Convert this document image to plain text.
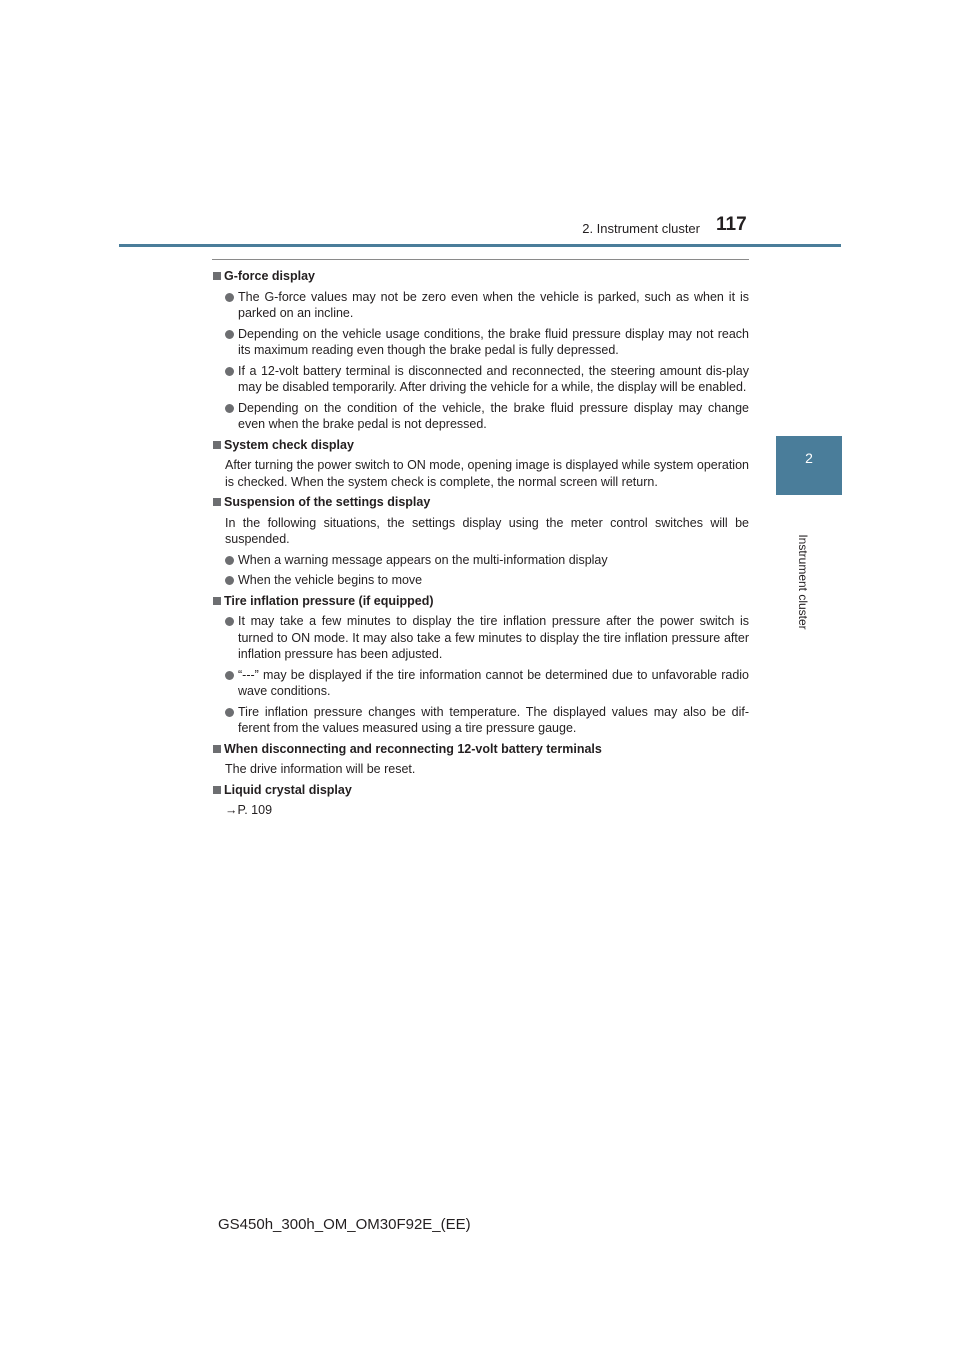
2. Instrument cluster 117
2
Instrument cluster
G-force display
The G-force values may not be zero even when the vehicle is parked, such as when it is parked on an incline.
Depending on the vehicle usage conditions, the brake fluid pressure display may not reach its maximum reading even though the brake pedal is fully depressed.
If a 12-volt battery terminal is disconnected and reconnected, the steering amount dis-play may be disabled temporarily. After driving the vehicle for a while, the display will be enabled.
Depending on the condition of the vehicle, the brake fluid pressure display may change even when the brake pedal is not depressed.
System check display
After turning the power switch to ON mode, opening image is displayed while system operation is checked. When the system check is complete, the normal screen will return.
Suspension of the settings display
In the following situations, the settings display using the meter control switches will be suspended.
When a warning message appears on the multi-information display
When the vehicle begins to move
Tire inflation pressure (if equipped)
It may take a few minutes to display the tire inflation pressure after the power switch is turned to ON mode. It may also take a few minutes to display the tire inflation pressure after inflation pressure has been adjusted.
“---” may be displayed if the tire information cannot be determined due to unfavorable radio wave conditions.
Tire inflation pressure changes with temperature. The displayed values may also be dif-ferent from the values measured using a tire pressure gauge.
When disconnecting and reconnecting 12-volt battery terminals
The drive information will be reset.
Liquid crystal display
→P. 109
GS450h_300h_OM_OM30F92E_(EE)
